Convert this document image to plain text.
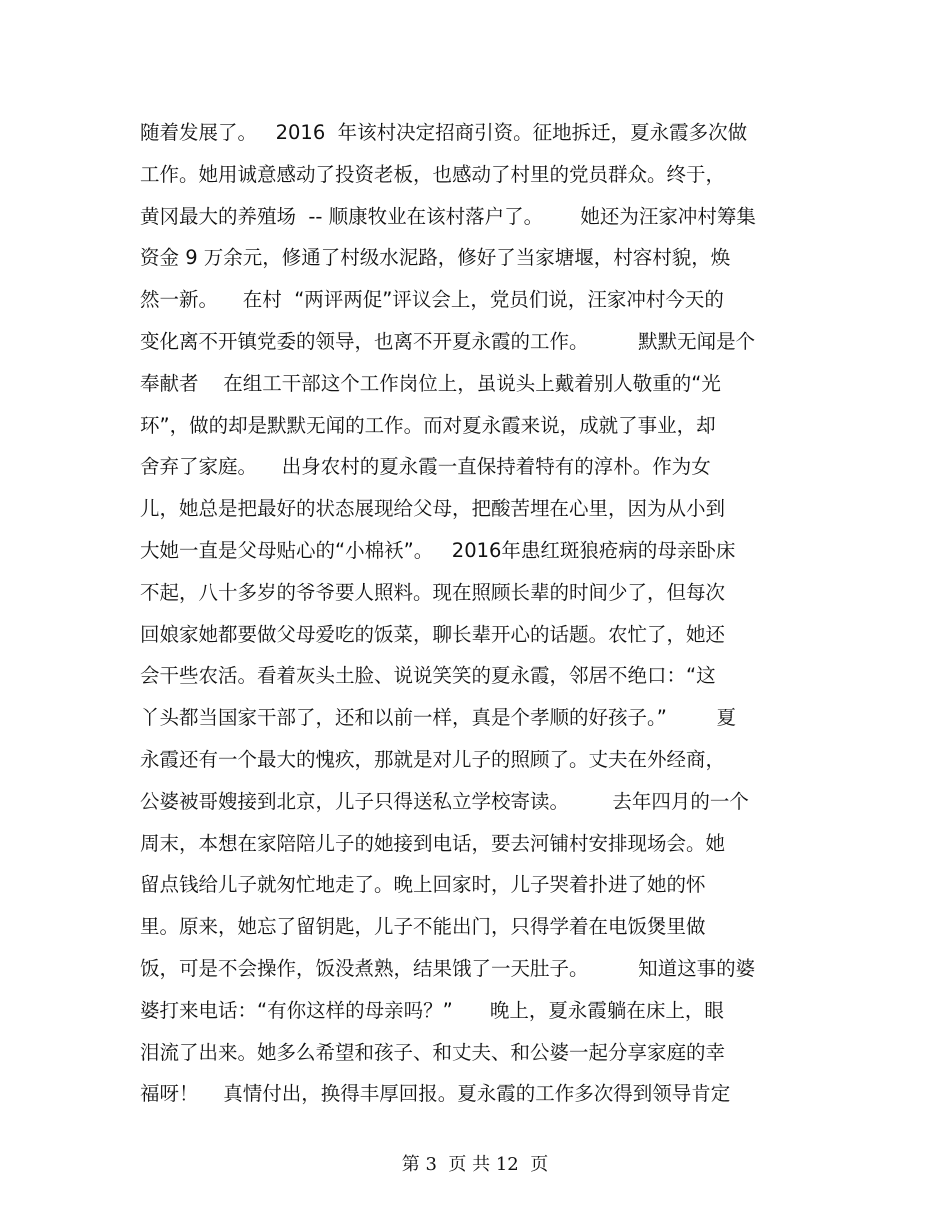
随着发展了。   2016  年该村决定招商引资。征地拆迁，夏永霞多次做
工作。她用诚意感动了投资老板，也感动了村里的党员群众。终于，
黄冈最大的养殖场  -- 顺康牧业在该村落户了。      她还为汪家冲村筹集
资金 9 万余元，修通了村级水泥路，修好了当家塘堰，村容村貌，焕
然一新。    在村  “两评两促”评议会上，党员们说，汪家冲村今天的
变化离不开镇党委的领导，也离不开夏永霞的工作。        默默无闻是个
奉献者    在组工干部这个工作岗位上，虽说头上戴着别人敬重的“光
环”，做的却是默默无闻的工作。而对夏永霞来说，成就了事业，却
舍弃了家庭。    出身农村的夏永霞一直保持着特有的淳朴。作为女
儿，她总是把最好的状态展现给父母，把酸苦埋在心里，因为从小到
大她一直是父母贴心的“小棉袄”。   2016年患红斑狼疮病的母亲卧床
不起，八十多岁的爷爷要人照料。现在照顾长辈的时间少了，但每次
回娘家她都要做父母爱吃的饭菜，聊长辈开心的话题。农忙了，她还
会干些农活。看着灰头土脸、说说笑笑的夏永霞，邻居不绝口：“这
丫头都当国家干部了，还和以前一样，真是个孝顺的好孩子。”        夏
永霞还有一个最大的愧疚，那就是对儿子的照顾了。丈夫在外经商，
公婆被哥嫂接到北京，儿子只得送私立学校寄读。       去年四月的一个
周末，本想在家陪陪儿子的她接到电话，要去河铺村安排现场会。她
留点钱给儿子就匆忙地走了。晚上回家时，儿子哭着扑进了她的怀
里。原来，她忘了留钥匙，儿子不能出门，只得学着在电饭煲里做
饭，可是不会操作，饭没煮熟，结果饿了一天肚子。        知道这事的婆
婆打来电话：“有你这样的母亲吗？”      晚上，夏永霞躺在床上，眼
泪流了出来。她多么希望和孩子、和丈夫、和公婆一起分享家庭的幸
福呀！    真情付出，换得丰厚回报。夏永霞的工作多次得到领导肯定
第 3  页 共 12  页
